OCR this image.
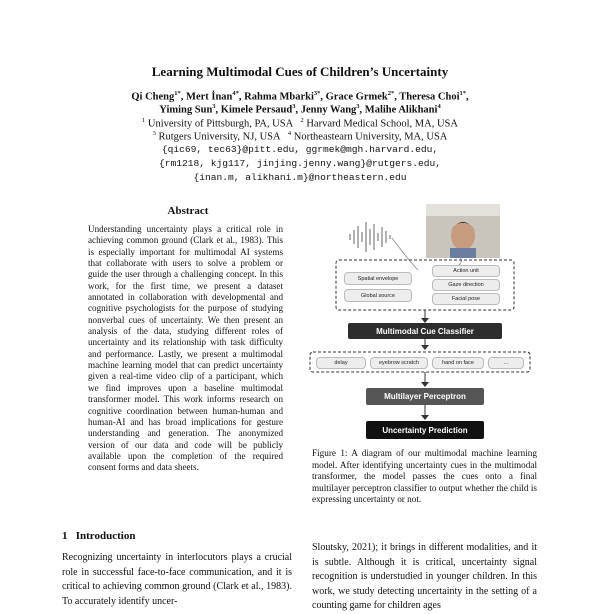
Learning Multimodal Cues of Children’s Uncertainty
Qi Cheng$^{1*}$, Mert İnan$^{4*}$, Rahma Mbarki$^{3*}$, Grace Grmek$^{2*}$, Theresa Choi$^{1*}$,
Yiming Sun$^3$, Kimele Persaud$^3$, Jenny Wang$^3$, Malihe Alikhani$^4$
$^1$ University of Pittsburgh, PA, USA $^2$ Harvard Medical School, MA, USA
$^3$ Rutgers University, NJ, USA $^4$ Northeastearn University, MA, USA
{qic69, tec63}@pitt.edu, ggrmek@mgh.harvard.edu,
{rm1218, kjg117, jinjing.jenny.wang}@rutgers.edu,
{inan.m, alikhani.m}@northeastern.edu
Abstract
Understanding uncertainty plays a critical role in achieving common ground (Clark et al., 1983). This is especially important for multimodal AI systems that collaborate with users to solve a problem or guide the user through a challenging concept. In this work, for the first time, we present a dataset annotated in collaboration with developmental and cognitive psychologists for the purpose of studying nonverbal cues of uncertainty. We then present an analysis of the data, studying different roles of uncertainty and its relationship with task difficulty and performance. Lastly, we present a multimodal machine learning model that can predict uncertainty given a real-time video clip of a participant, which we find improves upon a baseline multimodal transformer model. This work informs research on cognitive coordination between human-human and human-AI and has broad implications for gesture understanding and generation. The anonymized version of our data and code will be publicly available upon the completion of the required consent forms and data sheets.
1 Introduction
Recognizing uncertainty in interlocutors plays a crucial role in successful face-to-face communication, and it is critical to achieving common ground (Clark et al., 1983). To accurately identify uncer-
Spatial envelope
Global source
Action unit
Gaze direction
Facial pose
Multimodal Cue Classifier
delay	eyebrow scratch	hand on face	...
Multilayer Perceptron
Uncertainty Prediction
Figure 1: A diagram of our multimodal machine learning model. After identifying uncertainty cues in the multimodal transformer, the model passes the cues onto a final multilayer perceptron classifier to output whether the child is expressing uncertainty or not.
Sloutsky, 2021); it brings in different modalities, and it is subtle. Although it is critical, uncertainty signal recognition is understudied in younger children. In this work, we study detecting uncertainty in the setting of a counting game for children ages
